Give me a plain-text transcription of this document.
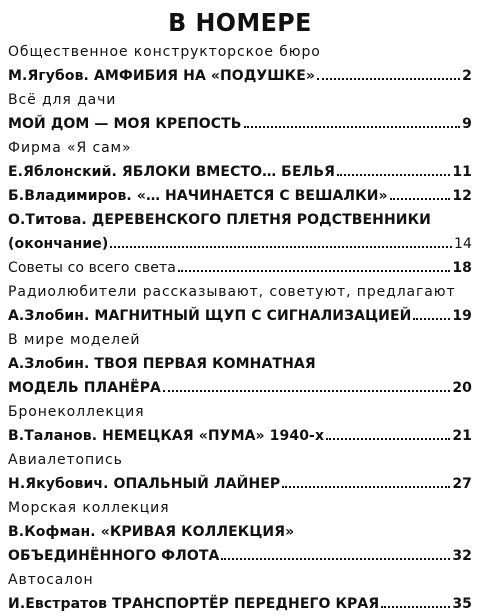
В НОМЕРЕ
Общественное конструкторское бюро
М.Ягубов. АМФИБИЯ НА «ПОДУШКЕ»	2
Всё для дачи
МОЙ ДОМ — МОЯ КРЕПОСТЬ	9
Фирма «Я сам»
Е.Яблонский. ЯБЛОКИ ВМЕСТО… БЕЛЬЯ	11
Б.Владимиров. «… НАЧИНАЕТСЯ С ВЕШАЛКИ»	12
О.Титова. ДЕРЕВЕНСКОГО ПЛЕТНЯ РОДСТВЕННИКИ
(окончание)	14
Советы со всего света	18
Радиолюбители рассказывают, советуют, предлагают
А.Злобин. МАГНИТНЫЙ ЩУП С СИГНАЛИЗАЦИЕЙ	19
В мире моделей
А.Злобин. ТВОЯ ПЕРВАЯ КОМНАТНАЯ
МОДЕЛЬ ПЛАНЁРА	20
Бронеколлекция
В.Таланов. НЕМЕЦКАЯ «ПУМА» 1940-х	21
Авиалетопись
Н.Якубович. ОПАЛЬНЫЙ ЛАЙНЕР	27
Морская коллекция
В.Кофман. «КРИВАЯ КОЛЛЕКЦИЯ»
ОБЪЕДИНЁННОГО ФЛОТА	32
Автосалон
И.Евстратов ТРАНСПОРТЁР ПЕРЕДНЕГО КРАЯ	35
